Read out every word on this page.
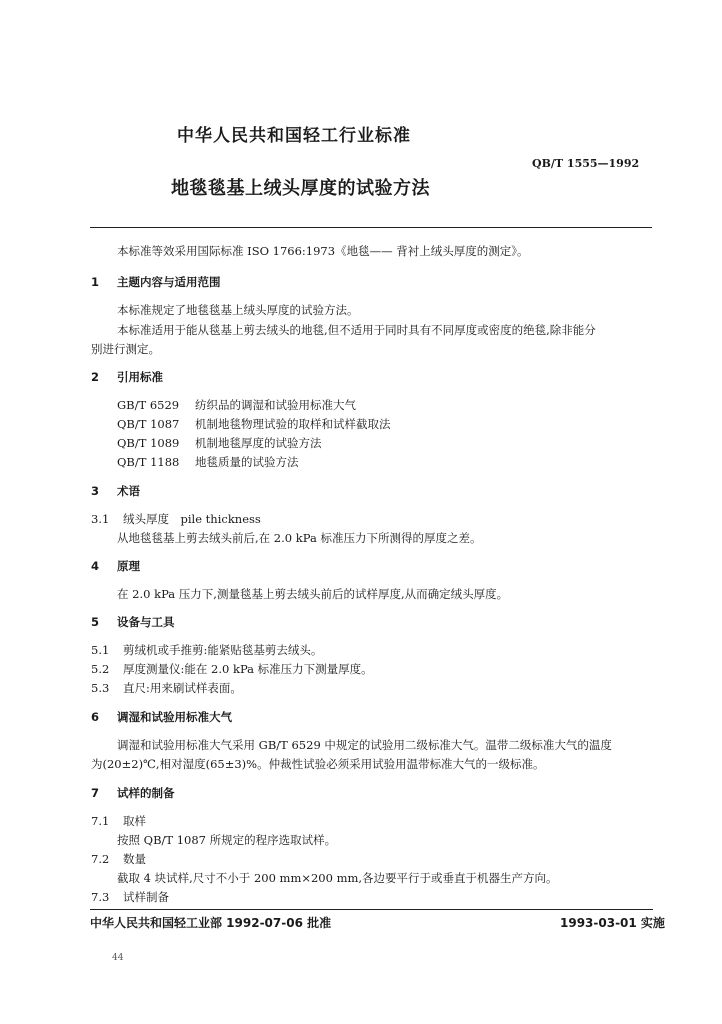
中华人民共和国轻工行业标准
QB/T 1555—1992
地毯毯基上绒头厚度的试验方法
本标准等效采用国际标准 ISO 1766:1973《地毯—— 背衬上绒头厚度的测定》。
1 主题内容与适用范围
本标准规定了地毯毯基上绒头厚度的试验方法。
本标准适用于能从毯基上剪去绒头的地毯,但不适用于同时具有不同厚度或密度的绝毯,除非能分
别进行测定。
2 引用标准
GB/T 6529 纺织品的调湿和试验用标准大气
QB/T 1087 机制地毯物理试验的取样和试样截取法
QB/T 1089 机制地毯厚度的试验方法
QB/T 1188 地毯质量的试验方法
3 术语
3.1 绒头厚度　pile thickness
从地毯毯基上剪去绒头前后,在 2.0 kPa 标准压力下所测得的厚度之差。
4 原理
在 2.0 kPa 压力下,测量毯基上剪去绒头前后的试样厚度,从而确定绒头厚度。
5 设备与工具
5.1 剪绒机或手推剪:能紧贴毯基剪去绒头。
5.2 厚度测量仪:能在 2.0 kPa 标准压力下测量厚度。
5.3 直尺:用来刷试样表面。
6 调湿和试验用标准大气
调湿和试验用标准大气采用 GB/T 6529 中规定的试验用二级标准大气。温带二级标准大气的温度
为(20±2)℃,相对湿度(65±3)%。仲裁性试验必须采用试验用温带标准大气的一级标准。
7 试样的制备
7.1 取样
按照 QB/T 1087 所规定的程序选取试样。
7.2 数量
截取 4 块试样,尺寸不小于 200 mm×200 mm,各边要平行于或垂直于机器生产方向。
7.3 试样制备
中华人民共和国轻工业部 1992-07-06 批准	1993-03-01 实施
44
